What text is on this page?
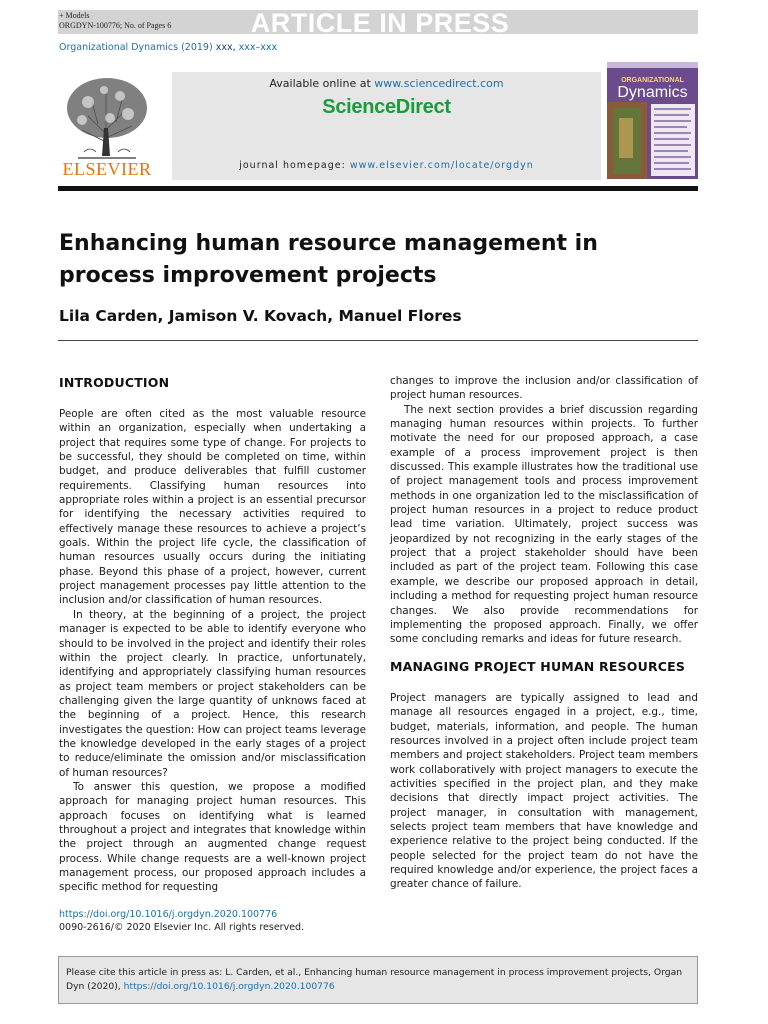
+ Models
ORGDYN-100776; No. of Pages 6	ARTICLE IN PRESS
Organizational Dynamics (2019) xxx, xxx–xxx
ELSEVIER
Available online at www.sciencedirect.com
ScienceDirect
journal homepage: www.elsevier.com/locate/orgdyn
ORGANIZATIONAL
Dynamics
Enhancing human resource management in
process improvement projects
Lila Carden, Jamison V. Kovach, Manuel Flores
INTRODUCTION

People are often cited as the most valuable resource within an organization, especially when undertaking a project that requires some type of change. For projects to be successful, they should be completed on time, within budget, and produce deliverables that fulfill customer requirements. Classifying human resources into appropriate roles within a project is an essential precursor for identifying the necessary activities required to effectively manage these resources to achieve a project’s goals. Within the project life cycle, the classification of human resources usually occurs during the initiating phase. Beyond this phase of a project, however, current project management processes pay little attention to the inclusion and/or classification of human resources.

In theory, at the beginning of a project, the project manager is expected to be able to identify everyone who should to be involved in the project and identify their roles within the project clearly. In practice, unfortunately, identifying and appropriately classifying human resources as project team members or project stakeholders can be challenging given the large quantity of unknows faced at the beginning of a project. Hence, this research investigates the question: How can project teams leverage the knowledge developed in the early stages of a project to reduce/eliminate the omission and/or misclassification of human resources?

To answer this question, we propose a modified approach for managing project human resources. This approach focuses on identifying what is learned throughout a project and integrates that knowledge within the project through an augmented change request process. While change requests are a well-known project management process, our proposed approach includes a specific method for requesting

changes to improve the inclusion and/or classification of project human resources.

The next section provides a brief discussion regarding managing human resources within projects. To further motivate the need for our proposed approach, a case example of a process improvement project is then discussed. This example illustrates how the traditional use of project management tools and process improvement methods in one organization led to the misclassification of project human resources in a project to reduce product lead time variation. Ultimately, project success was jeopardized by not recognizing in the early stages of the project that a project stakeholder should have been included as part of the project team. Following this case example, we describe our proposed approach in detail, including a method for requesting project human resource changes. We also provide recommendations for implementing the proposed approach. Finally, we offer some concluding remarks and ideas for future research.

MANAGING PROJECT HUMAN RESOURCES

Project managers are typically assigned to lead and manage all resources engaged in a project, e.g., time, budget, materials, information, and people. The human resources involved in a project often include project team members and project stakeholders. Project team members work collaboratively with project managers to execute the activities specified in the project plan, and they make decisions that directly impact project activities. The project manager, in consultation with management, selects project team members that have knowledge and experience relative to the project being conducted. If the people selected for the project team do not have the required knowledge and/or experience, the project faces a greater chance of failure.

https://doi.org/10.1016/j.orgdyn.2020.100776
0090-2616/© 2020 Elsevier Inc. All rights reserved.
Please cite this article in press as: L. Carden, et al., Enhancing human resource management in process improvement projects, Organ Dyn (2020), https://doi.org/10.1016/j.orgdyn.2020.100776
